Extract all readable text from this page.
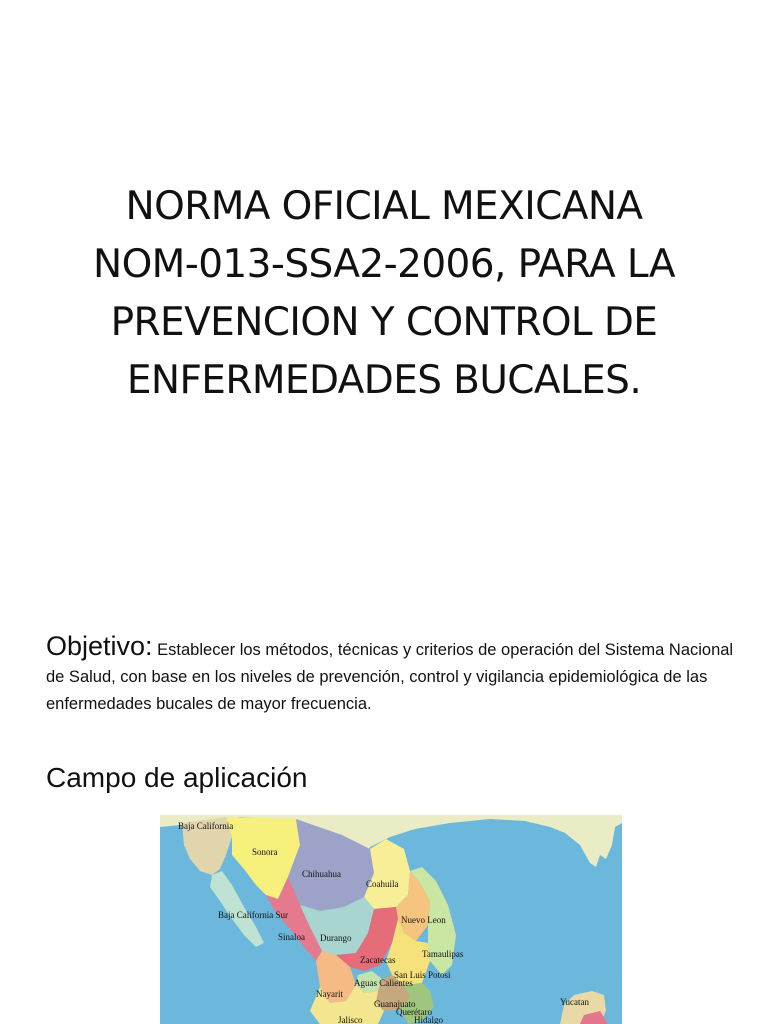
NORMA OFICIAL MEXICANA
NOM-013-SSA2-2006, PARA LA
PREVENCION Y CONTROL DE
ENFERMEDADES BUCALES.
Objetivo: Establecer los métodos, técnicas y criterios de operación del Sistema Nacional de Salud, con base en los niveles de prevención, control y vigilancia epidemiológica de las enfermedades bucales de mayor frecuencia.
Campo de aplicación
Baja California
Sonora
Chihuahua
Coahuila
Baja California Sur	Nuevo Leon
Sinaloa Durango
Tamaulipas
Zacatecas
San Luis Potosi
Aguas Calientes
Nayarit
Guanajuato
Querétaro
Yucatan
Jalisco	Hidalgo
